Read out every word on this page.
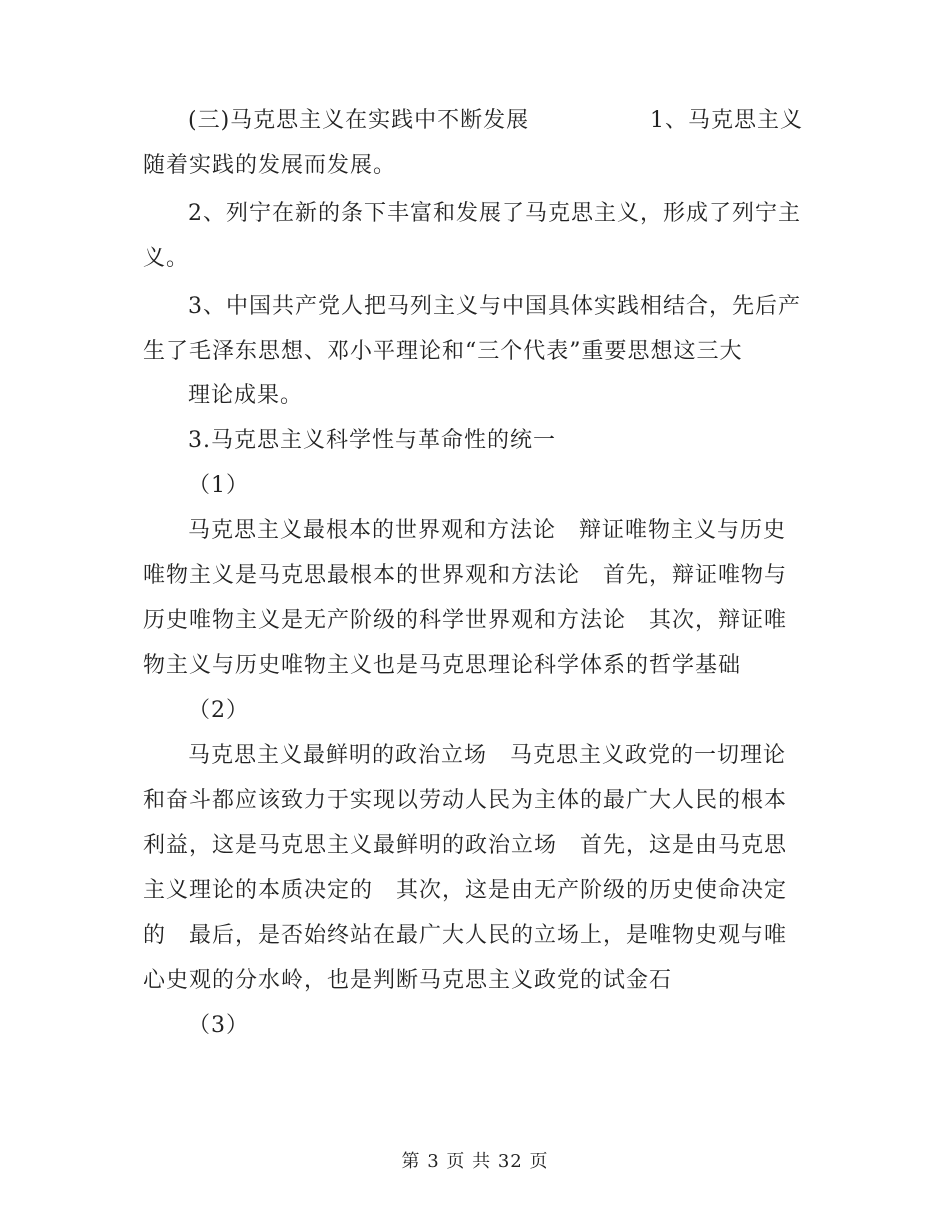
(三)马克思主义在实践中不断发展	1、马克思主义
随着实践的发展而发展。
2、列宁在新的条下丰富和发展了马克思主义，形成了列宁主
义。
3、中国共产党人把马列主义与中国具体实践相结合，先后产
生了毛泽东思想、邓小平理论和“三个代表”重要思想这三大
理论成果。
3.马克思主义科学性与革命性的统一
（1）
马克思主义最根本的世界观和方法论　辩证唯物主义与历史
唯物主义是马克思最根本的世界观和方法论　首先，辩证唯物与
历史唯物主义是无产阶级的科学世界观和方法论　其次，辩证唯
物主义与历史唯物主义也是马克思理论科学体系的哲学基础
（2）
马克思主义最鲜明的政治立场　马克思主义政党的一切理论
和奋斗都应该致力于实现以劳动人民为主体的最广大人民的根本
利益，这是马克思主义最鲜明的政治立场　首先，这是由马克思
主义理论的本质决定的　其次，这是由无产阶级的历史使命决定
的　最后，是否始终站在最广大人民的立场上，是唯物史观与唯
心史观的分水岭，也是判断马克思主义政党的试金石
（3）
第 3 页 共 32 页
